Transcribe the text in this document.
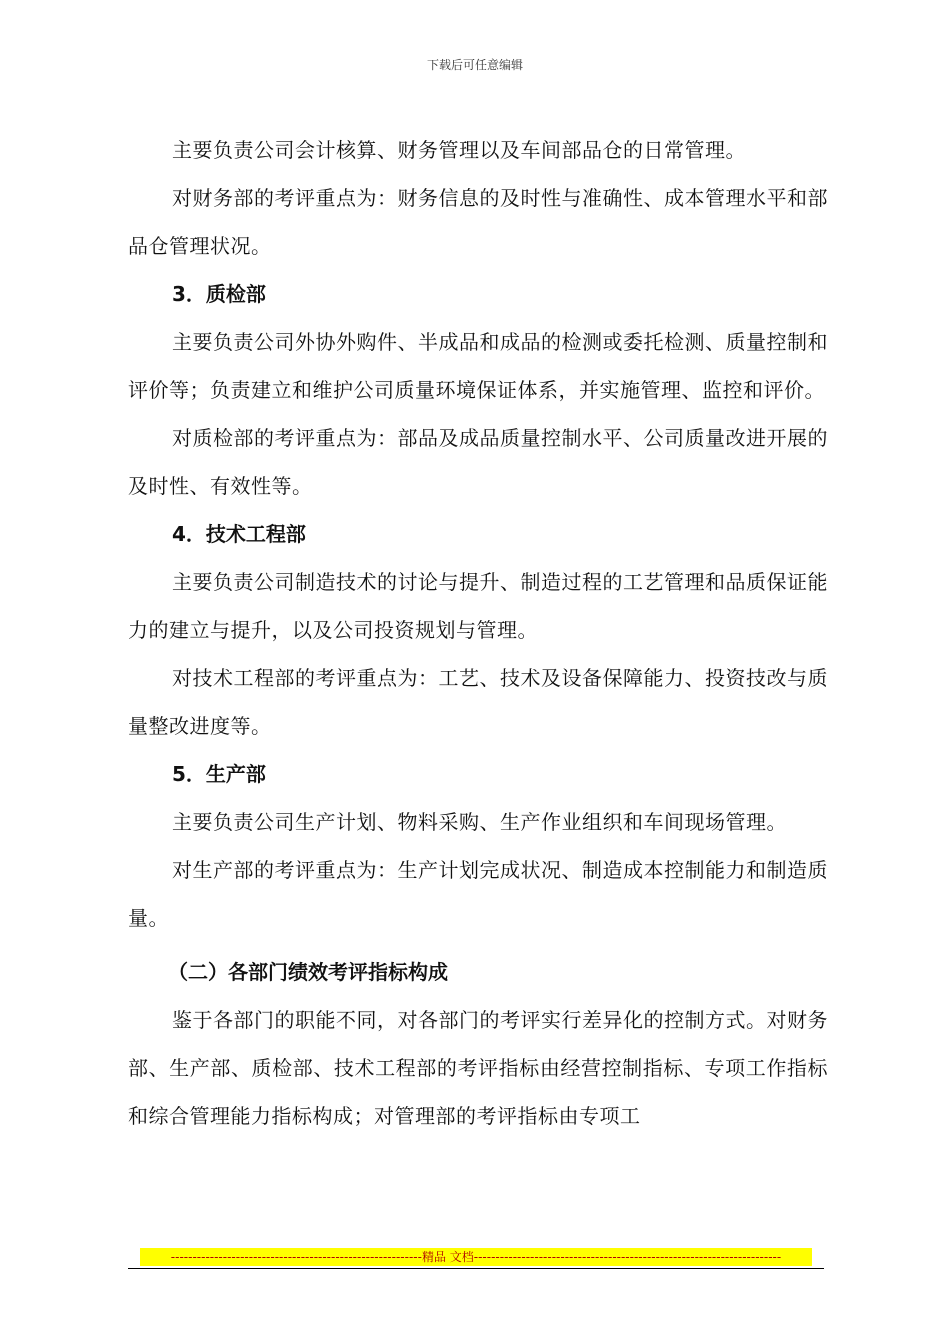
下载后可任意编辑

主要负责公司会计核算、财务管理以及车间部品仓的日常管理。

对财务部的考评重点为：财务信息的及时性与准确性、成本管理水平和部品仓管理状况。

3．质检部

主要负责公司外协外购件、半成品和成品的检测或委托检测、质量控制和评价等；负责建立和维护公司质量环境保证体系，并实施管理、监控和评价。

对质检部的考评重点为：部品及成品质量控制水平、公司质量改进开展的及时性、有效性等。

4．技术工程部

主要负责公司制造技术的讨论与提升、制造过程的工艺管理和品质保证能力的建立与提升，以及公司投资规划与管理。

对技术工程部的考评重点为：工艺、技术及设备保障能力、投资技改与质量整改进度等。

5．生产部

主要负责公司生产计划、物料采购、生产作业组织和车间现场管理。

对生产部的考评重点为：生产计划完成状况、制造成本控制能力和制造质量。

（二）各部门绩效考评指标构成

鉴于各部门的职能不同，对各部门的考评实行差异化的控制方式。对财务部、生产部、质检部、技术工程部的考评指标由经营控制指标、专项工作指标和综合管理能力指标构成；对管理部的考评指标由专项工

----------------------------------------------------------精品 文档-----------------------------------------------------------------------
